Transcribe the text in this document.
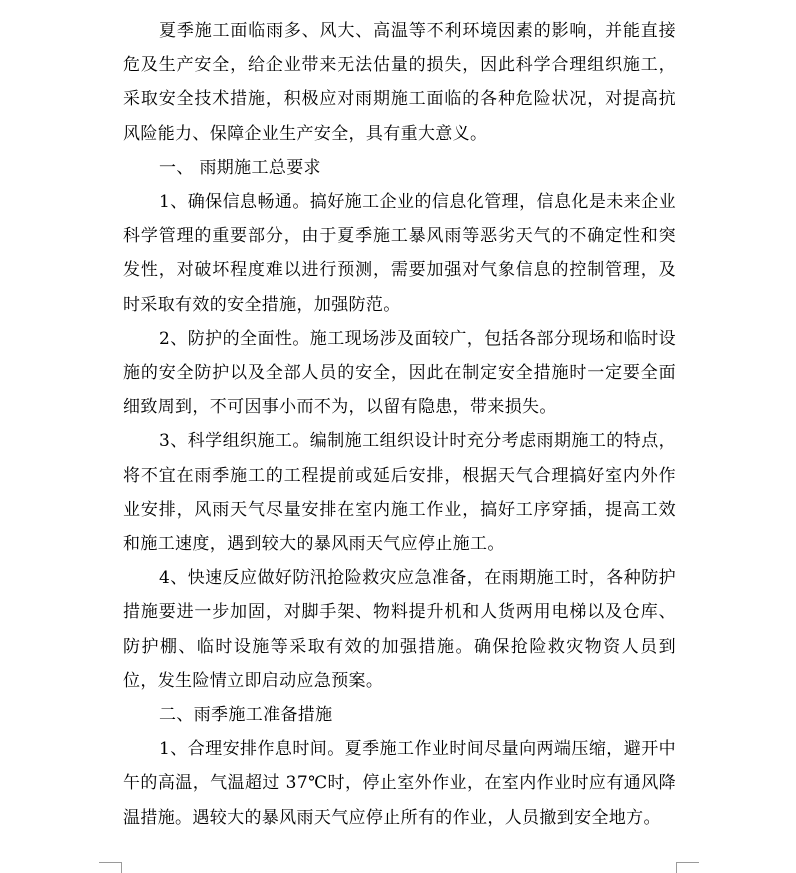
夏季施工面临雨多、风大、高温等不利环境因素的影响，并能直接危及生产安全，给企业带来无法估量的损失，因此科学合理组织施工，采取安全技术措施，积极应对雨期施工面临的各种危险状况，对提高抗风险能力、保障企业生产安全，具有重大意义。

一、 雨期施工总要求

1、确保信息畅通。搞好施工企业的信息化管理，信息化是未来企业科学管理的重要部分，由于夏季施工暴风雨等恶劣天气的不确定性和突发性，对破坏程度难以进行预测，需要加强对气象信息的控制管理，及时采取有效的安全措施，加强防范。

2、防护的全面性。施工现场涉及面较广，包括各部分现场和临时设施的安全防护以及全部人员的安全，因此在制定安全措施时一定要全面细致周到，不可因事小而不为，以留有隐患，带来损失。

3、科学组织施工。编制施工组织设计时充分考虑雨期施工的特点，将不宜在雨季施工的工程提前或延后安排，根据天气合理搞好室内外作业安排，风雨天气尽量安排在室内施工作业，搞好工序穿插，提高工效和施工速度，遇到较大的暴风雨天气应停止施工。

4、快速反应做好防汛抢险救灾应急准备，在雨期施工时，各种防护措施要进一步加固，对脚手架、物料提升机和人货两用电梯以及仓库、防护棚、临时设施等采取有效的加强措施。确保抢险救灾物资人员到位，发生险情立即启动应急预案。

二、雨季施工准备措施

1、合理安排作息时间。夏季施工作业时间尽量向两端压缩，避开中午的高温，气温超过 37℃时，停止室外作业，在室内作业时应有通风降温措施。遇较大的暴风雨天气应停止所有的作业，人员撤到安全地方。
